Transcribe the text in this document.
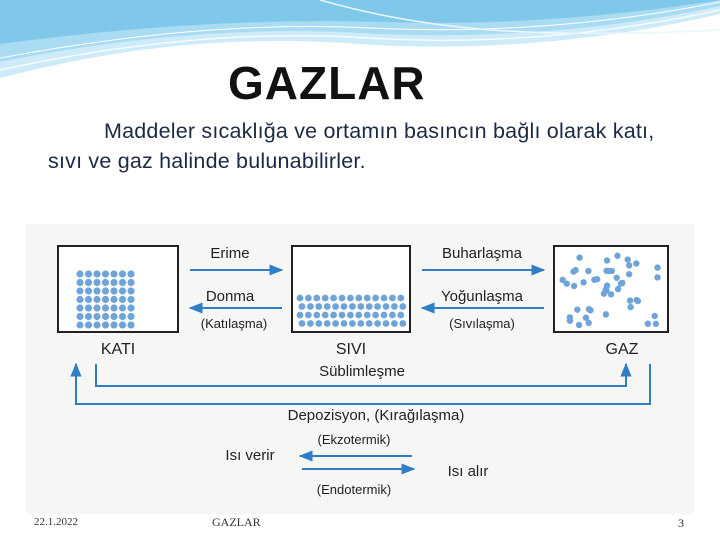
GAZLAR
Maddeler sıcaklığa ve ortamın basıncın bağlı olarak katı, sıvı ve gaz halinde bulunabilirler.
KATI	SIVI	GAZ
Erime
Donma
(Katılaşma)
Buharlaşma
Yoğunlaşma
(Sıvılaşma)
Süblimleşme
Depozisyon, (Kırağılaşma)
(Ekzotermik)
Isı verir
Isı alır
(Endotermik)
22.1.2022	GAZLAR	3
